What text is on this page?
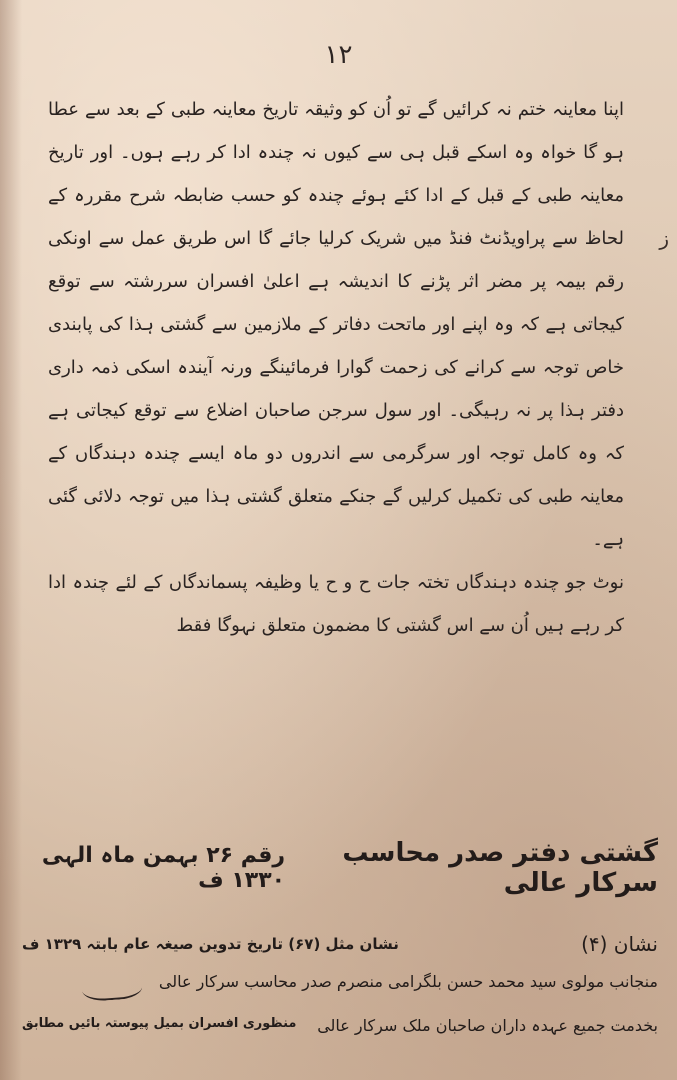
١٢
ز

اپنا معاینہ ختم نہ کرائیں گے تو اُن کو وثیقہ تاریخ معاینہ طبی کے بعد سے عطا ہو گا خواہ وہ اسکے قبل ہی سے کیوں نہ چندہ ادا کر رہے ہوں۔ اور تاریخ معاینہ طبی کے قبل کے ادا کئے ہوئے چندہ کو حسب ضابطہ شرح مقررہ کے لحاظ سے پراویڈنٹ فنڈ میں شریک کرلیا جائے گا اس طریق عمل سے اونکی رقم بیمہ پر مضر اثر پڑنے کا اندیشہ ہے اعلیٰ افسران سررشتہ سے توقع کیجاتی ہے کہ وہ اپنے اور ماتحت دفاتر کے ملازمین سے گشتی ہذا کی پابندی خاص توجہ سے کرانے کی زحمت گوارا فرمائینگے ورنہ آیندہ اسکی ذمہ داری دفتر ہذا پر نہ رہیگی۔ اور سول سرجن صاحبان اضلاع سے توقع کیجاتی ہے کہ وہ کامل توجہ اور سرگرمی سے اندروں دو ماہ ایسے چندہ دہندگاں کے معاینہ طبی کی تکمیل کرلیں گے جنکے متعلق گشتی ہذا میں توجہ دلائی گئی ہے۔

نوٹ جو چندہ دہندگاں تختہ جات ح و ح یا وظیفہ پسماندگاں کے لئے چندہ ادا کر رہے ہیں اُن سے اس گشتی کا مضمون متعلق نہوگا فقط

گشتی دفتر صدر محاسب سرکار عالی
رقم ۲۶ بہمن ماہ الہی ۱۳۳۰ ف
نشان (۴)
نشان مثل (۶۷) تاریخ تدوین صیغہ عام بابتہ ۱۳۲۹ ف
منجانب مولوی سید محمد حسن بلگرامی منصرم صدر محاسب سرکار عالی
بخدمت جمیع عہدہ داران صاحبان ملک سرکار عالی
منظوری افسران بمیل پیوستہ بائیں مطابق
